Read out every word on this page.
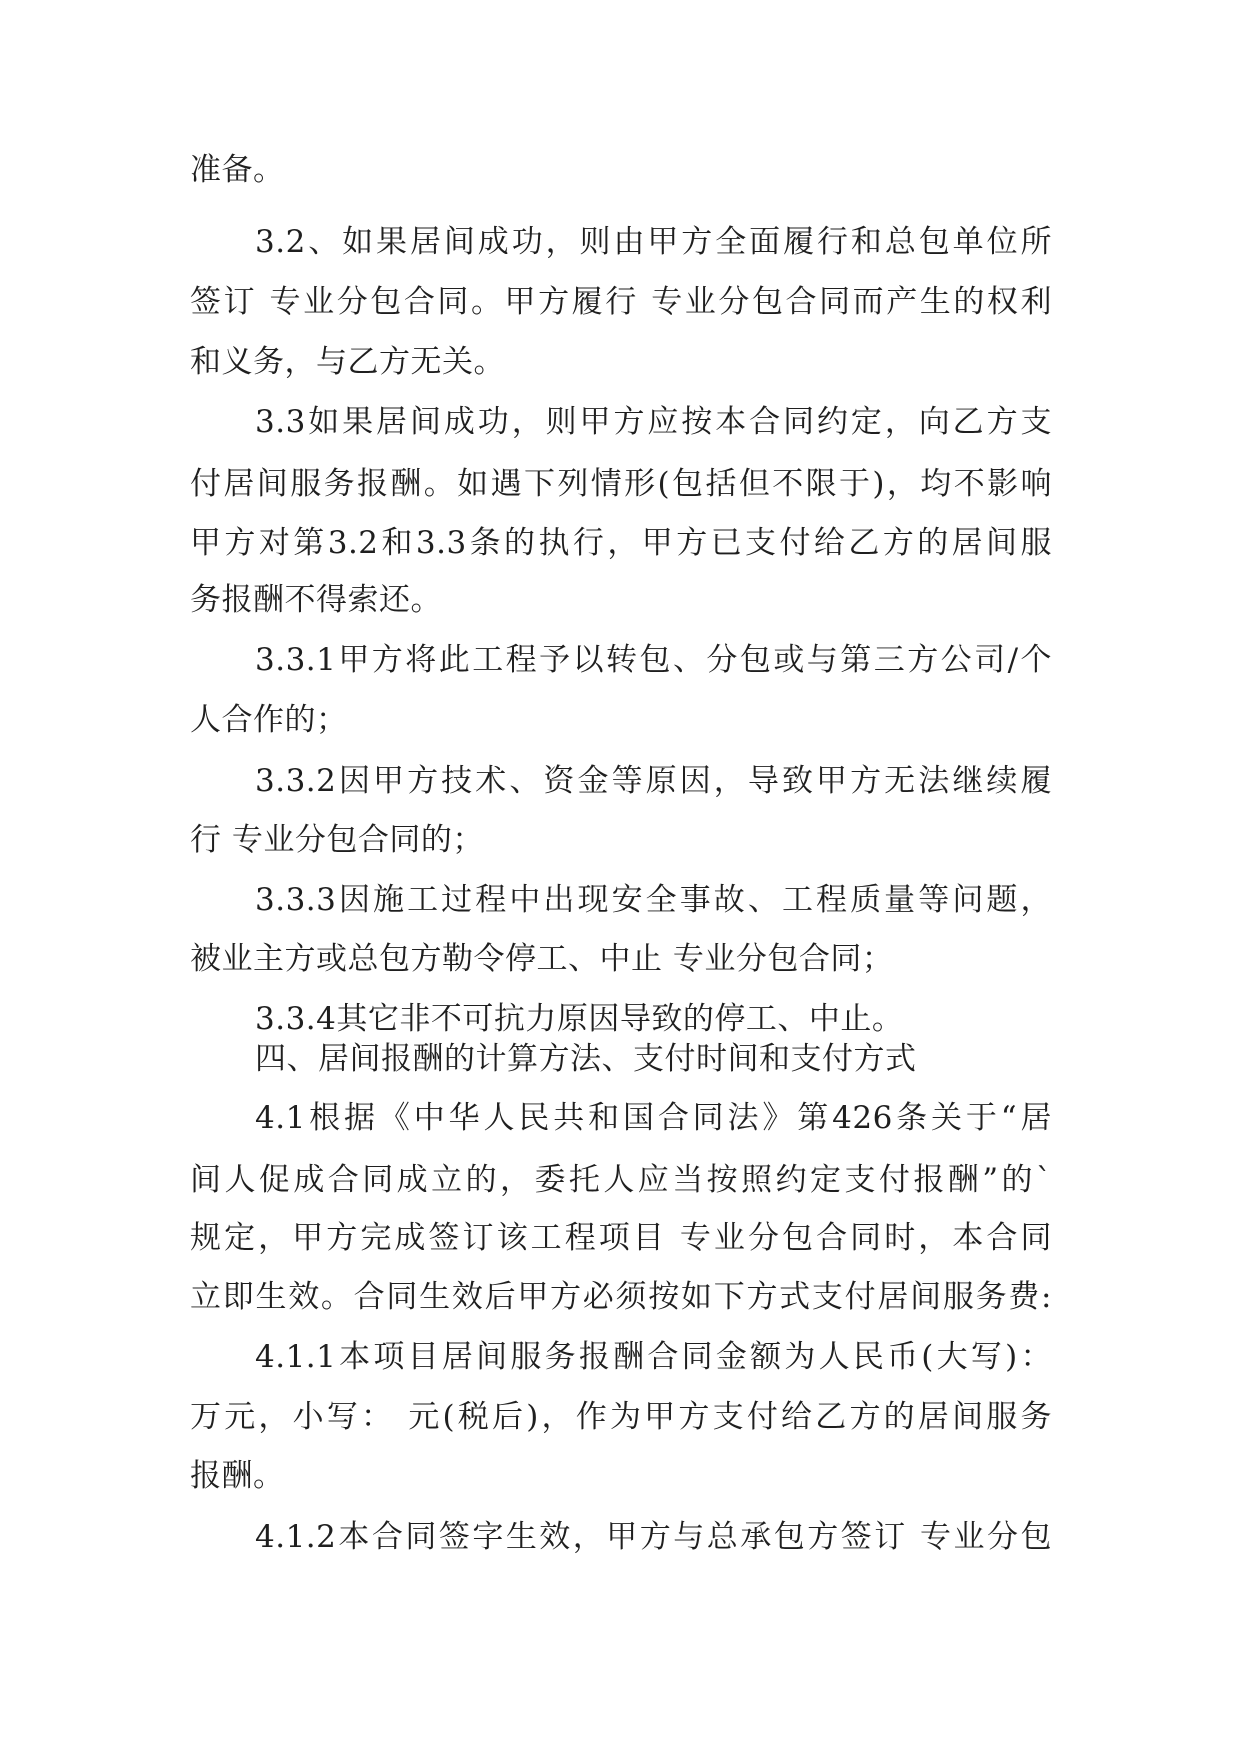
准备。
3.2、如果居间成功，则由甲方全面履行和总包单位所
签订 专业分包合同。甲方履行 专业分包合同而产生的权利
和义务，与乙方无关。
3.3如果居间成功，则甲方应按本合同约定，向乙方支
付居间服务报酬。如遇下列情形(包括但不限于)，均不影响
甲方对第3.2和3.3条的执行，甲方已支付给乙方的居间服
务报酬不得索还。
3.3.1甲方将此工程予以转包、分包或与第三方公司/个
人合作的；
3.3.2因甲方技术、资金等原因，导致甲方无法继续履
行 专业分包合同的；
3.3.3因施工过程中出现安全事故、工程质量等问题，
被业主方或总包方勒令停工、中止 专业分包合同；
3.3.4其它非不可抗力原因导致的停工、中止。
四、居间报酬的计算方法、支付时间和支付方式
4.1根据《中华人民共和国合同法》第426条关于“居
间人促成合同成立的，委托人应当按照约定支付报酬”的`
规定，甲方完成签订该工程项目 专业分包合同时，本合同
立即生效。合同生效后甲方必须按如下方式支付居间服务费:
4.1.1本项目居间服务报酬合同金额为人民币(大写)：
万元，小写： 元(税后)，作为甲方支付给乙方的居间服务
报酬。
4.1.2本合同签字生效，甲方与总承包方签订 专业分包
